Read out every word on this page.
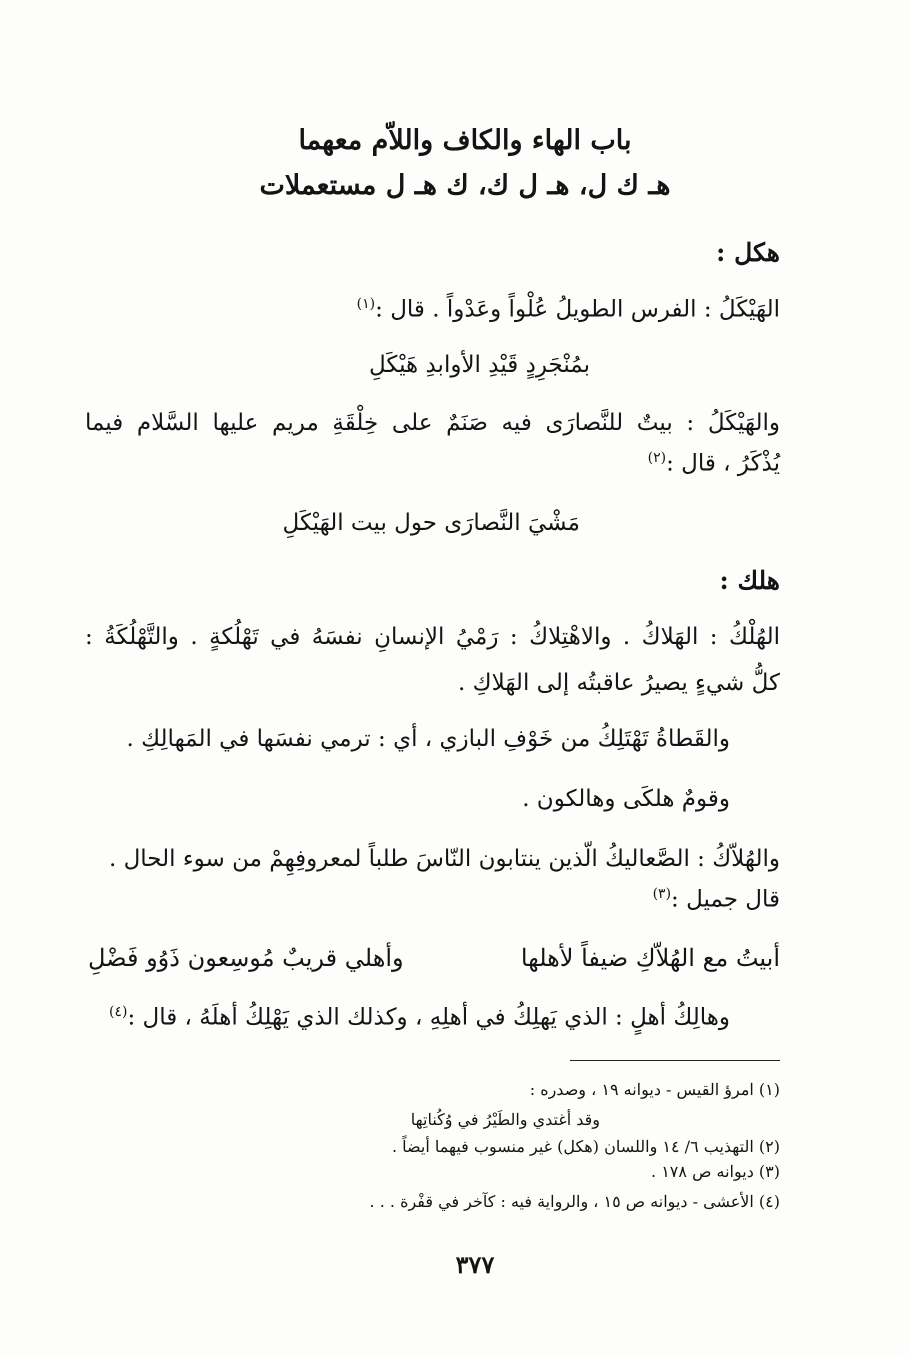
باب الهاء والكاف واللاّم معهما
هـ ك ل، هـ ل ك، ك هـ ل مستعملات
هكل :
الهَيْكَلُ : الفرس الطويلُ عُلْواً وعَدْواً . قال :$^{(١)}$
بمُنْجَرِدٍ قَيْدِ الأوابدِ هَيْكَلِ
والهَيْكَلُ : بيتٌ للنَّصارَى فيه صَنَمٌ على خِلْقَةِ مريم عليها السَّلام فيما
يُذْكَرُ ، قال :$^{(٢)}$
مَشْيَ النَّصارَى حول بيت الهَيْكَلِ
هلك :
الهُلْكُ : الهَلاكُ . والاهْتِلاكُ : رَمْيُ الإنسانِ نفسَهُ في تَهْلُكةٍ . والتَّهْلُكَةُ :
كلُّ شيءٍ يصيرُ عاقبتُه إلى الهَلاكِ .
والقَطاةُ تَهْتَلِكُ من خَوْفِ البازي ، أي : ترمي نفسَها في المَهالِكِ .
وقومٌ هلكَى وهالكون .
والهُلاّكُ : الصَّعاليكُ الّذين ينتابون النّاسَ طلباً لمعروفِهِمْ من سوء الحال .
قال جميل :$^{(٣)}$
أبيتُ مع الهُلاّكِ ضيفاً لأهلها
وأهلي قريبٌ مُوسِعون ذَوُو فَضْلِ
وهالِكُ أهلٍ : الذي يَهلِكُ في أهلِهِ ، وكذلك الذي يَهْلِكُ أهلَهُ ، قال :$^{(٤)}$
(١) امرؤ القيس - ديوانه ١٩ ، وصدره :
وقد أغتدي والطَيْرُ في وُكُناتِها
(٢) التهذيب ٦/ ١٤ واللسان (هكل) غير منسوب فيهما أيضاً .
(٣) ديوانه ص ١٧٨ .
(٤) الأعشى - ديوانه ص ١٥ ، والرواية فيه : كآخر في قفْرة . . .
٣٧٧
